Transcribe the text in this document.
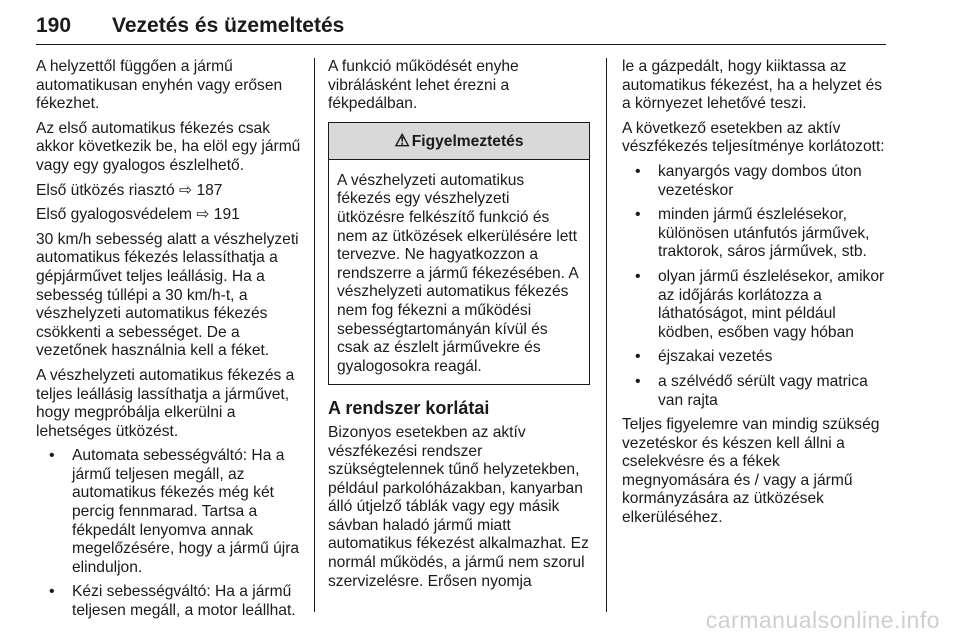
190 Vezetés és üzemeltetés

A helyzettől függően a jármű automatikusan enyhén vagy erősen fékezhet.

Az első automatikus fékezés csak akkor következik be, ha elöl egy jármű vagy egy gyalogos észlelhető.

Első ütközés riasztó ⇨ 187

Első gyalogosvédelem ⇨ 191

30 km/h sebesség alatt a vészhelyzeti automatikus fékezés lelassíthatja a gépjárművet teljes leállásig. Ha a sebesség túllépi a 30 km/h-t, a vészhelyzeti automatikus fékezés csökkenti a sebességet. De a vezetőnek használnia kell a féket.

A vészhelyzeti automatikus fékezés a teljes leállásig lassíthatja a járművet, hogy megpróbálja elkerülni a lehetséges ütközést.

• Automata sebességváltó: Ha a jármű teljesen megáll, az automatikus fékezés még két percig fennmarad. Tartsa a fékpedált lenyomva annak megelőzésére, hogy a jármű újra elinduljon.
• Kézi sebességváltó: Ha a jármű teljesen megáll, a motor leállhat.

A funkció működését enyhe vibrálásként lehet érezni a fékpedálban.

⚠ Figyelmeztetés

A vészhelyzeti automatikus fékezés egy vészhelyzeti ütközésre felkészítő funkció és nem az ütközések elkerülésére lett tervezve. Ne hagyatkozzon a rendszerre a jármű fékezésében. A vészhelyzeti automatikus fékezés nem fog fékezni a működési sebességtartományán kívül és csak az észlelt járművekre és gyalogosokra reagál.

A rendszer korlátai

Bizonyos esetekben az aktív vészfékezési rendszer szükségtelennek tűnő helyzetekben, például parkolóházakban, kanyarban álló útjelző táblák vagy egy másik sávban haladó jármű miatt automatikus fékezést alkalmazhat. Ez normál működés, a jármű nem szorul szervizelésre. Erősen nyomja

le a gázpedált, hogy kiiktassa az automatikus fékezést, ha a helyzet és a környezet lehetővé teszi.

A következő esetekben az aktív vészfékezés teljesítménye korlátozott:

• kanyargós vagy dombos úton vezetéskor
• minden jármű észlelésekor, különösen utánfutós járművek, traktorok, sáros járművek, stb.
• olyan jármű észlelésekor, amikor az időjárás korlátozza a láthatóságot, mint például ködben, esőben vagy hóban
• éjszakai vezetés
• a szélvédő sérült vagy matrica van rajta

Teljes figyelemre van mindig szükség vezetéskor és készen kell állni a cselekvésre és a fékek megnyomására és / vagy a jármű kormányzására az ütközések elkerüléséhez.

carmanualsonline.info
